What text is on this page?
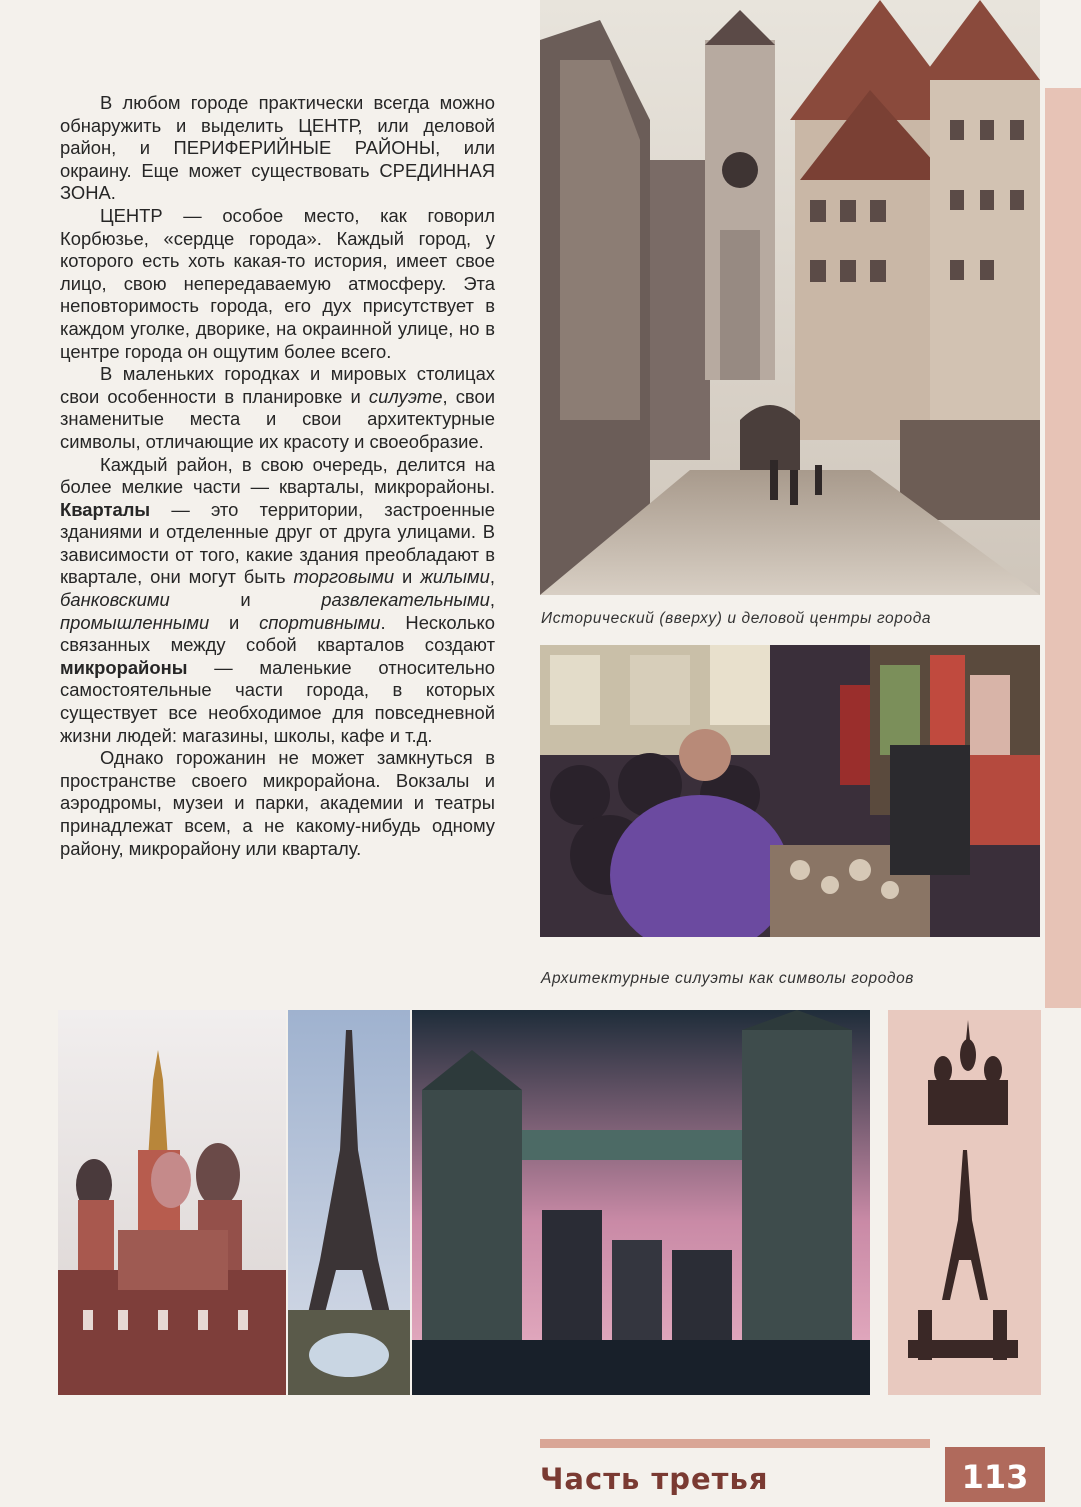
В любом городе практически всегда можно обнаружить и выделить ЦЕНТР, или деловой район, и ПЕРИФЕРИЙНЫЕ РАЙОНЫ, или окраину. Еще может существовать СРЕДИННАЯ ЗОНА.

ЦЕНТР — особое место, как говорил Корбюзье, «сердце города». Каждый город, у которого есть хоть какая-то история, имеет свое лицо, свою непередаваемую атмосферу. Эта неповторимость города, его дух присутствует в каждом уголке, дворике, на окраинной улице, но в центре города он ощутим более всего.

В маленьких городках и мировых столицах свои особенности в планировке и силуэте, свои знаменитые места и свои архитектурные символы, отличающие их красоту и своеобразие.

Каждый район, в свою очередь, делится на более мелкие части — кварталы, микрорайоны. Кварталы — это территории, застроенные зданиями и отделенные друг от друга улицами. В зависимости от того, какие здания преобладают в квартале, они могут быть торговыми и жилыми, банковскими и развлекательными, промышленными и спортивными. Несколько связанных между собой кварталов создают микрорайоны — маленькие относительно самостоятельные части города, в которых существует все необходимое для повседневной жизни людей: магазины, школы, кафе и т.д.

Однако горожанин не может замкнуться в пространстве своего микрорайона. Вокзалы и аэродромы, музеи и парки, академии и театры принадлежат всем, а не какому-нибудь одному району, микрорайону или кварталу.

Исторический (вверху) и деловой центры города
Архитектурные силуэты как символы городов
Часть третья	113
